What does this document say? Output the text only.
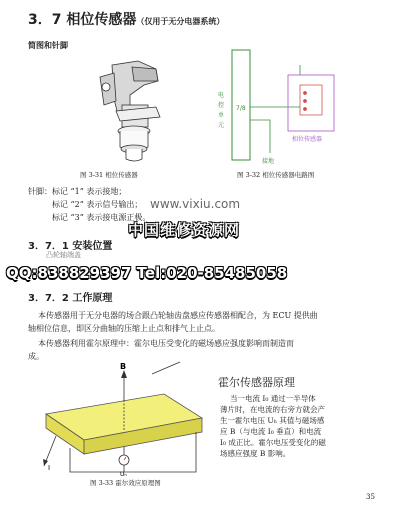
3．7 相位传感器（仅用于无分电器系统）
简图和针脚
图 3-31 相位传感器
电
控
单
元
7/8
相位传感器
接地
图 3-32 相位传感器电路图
针脚：标记 “1” 表示接地；
标记 “2” 表示信号输出；
标记 “3” 表示接电源正极。
www.vixiu.com
中国维修资源网
3．7．1 安装位置
凸轮轴端盖
QQ:838829397 Tel:020-85485058
3．7．2 工作原理
本传感器用于无分电器的场合跟凸轮轴齿盘感应传感器相配合，为 ECU 提供曲
轴相位信息，即区分曲轴的压缩上止点和排气上止点。
本传感器利用霍尔原理中：霍尔电压受变化的磁场感应强度影响而制造而
成。
B
I
Uₕ
图 3-33 霍尔效应原理图
霍尔传感器原理
当一电流 I₀ 通过一半导体
薄片时，在电流的右旁方就会产
生一霍尔电压 Uₕ 其值与磁场感
应 B（与电流 I₀ 垂直）和电流
I₀ 成正比。霍尔电压受变化的磁
场感应强度 B 影响。
35
